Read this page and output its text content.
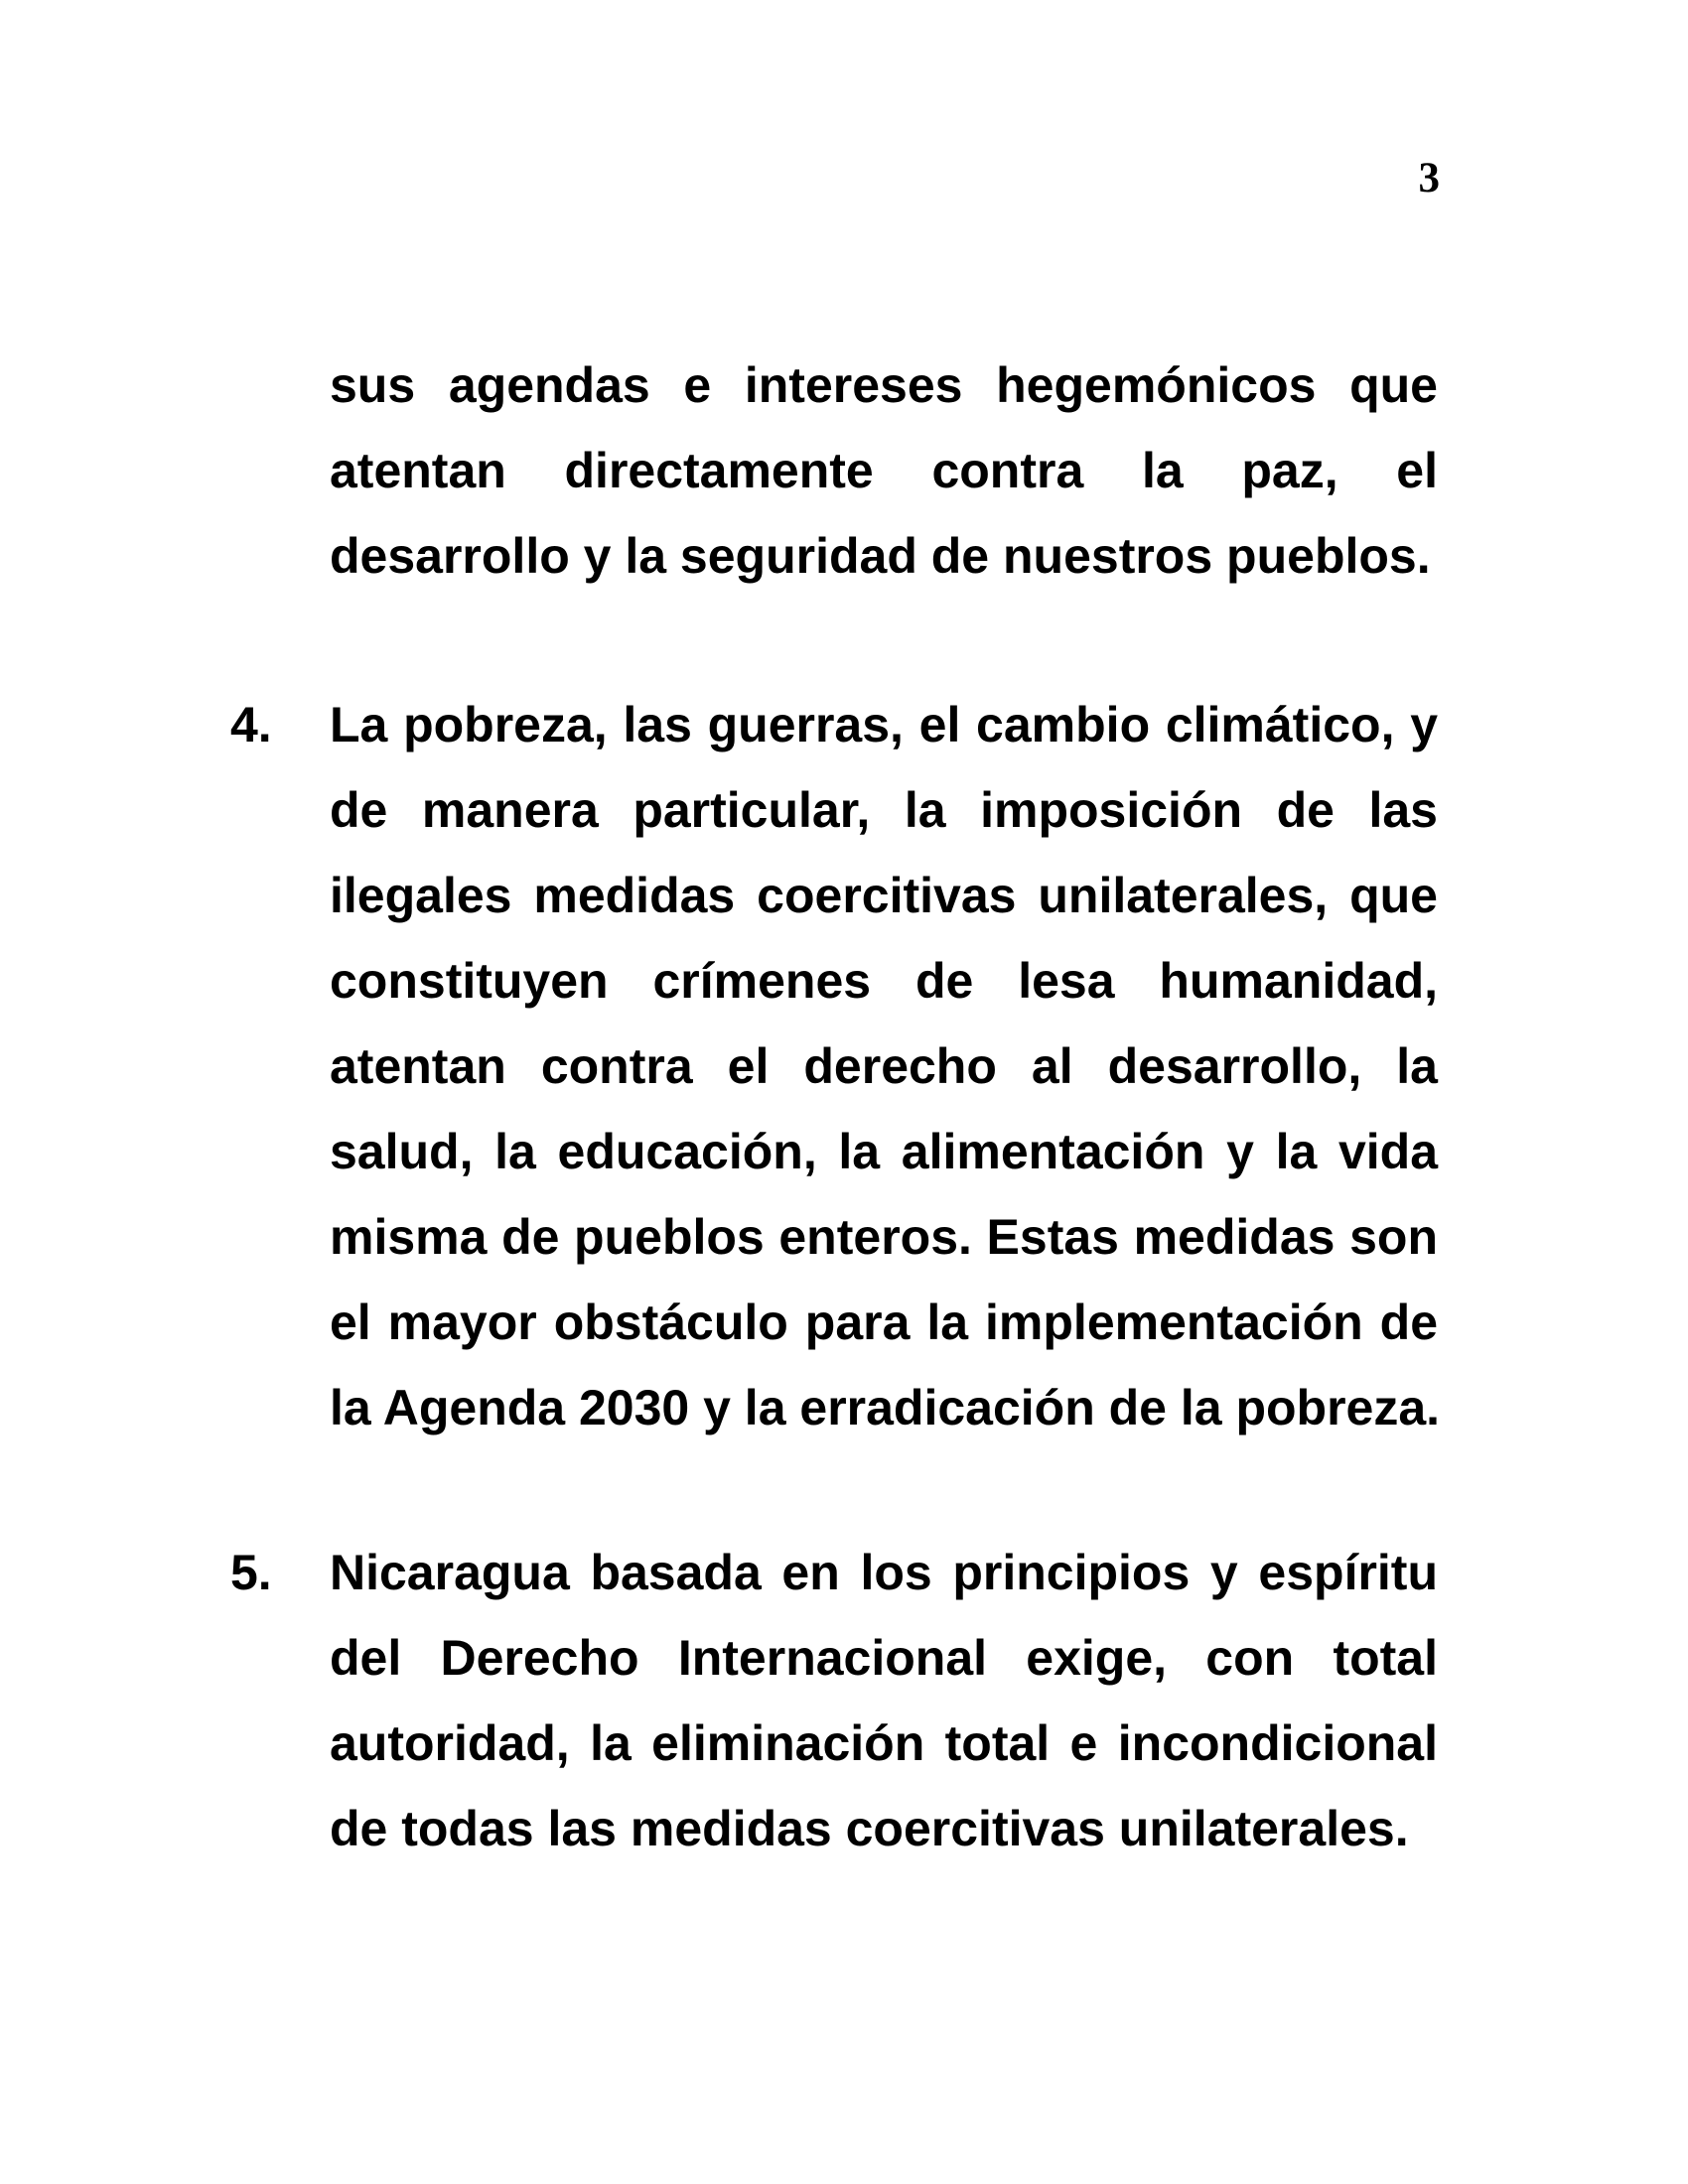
3
sus agendas e intereses hegemónicos que
atentan directamente contra la paz, el
desarrollo y la seguridad de nuestros pueblos.
4. La pobreza, las guerras, el cambio climático, y
de manera particular, la imposición de las
ilegales medidas coercitivas unilaterales, que
constituyen crímenes de lesa humanidad,
atentan contra el derecho al desarrollo, la
salud, la educación, la alimentación y la vida
misma de pueblos enteros. Estas medidas son
el mayor obstáculo para la implementación de
la Agenda 2030 y la erradicación de la pobreza.
5. Nicaragua basada en los principios y espíritu
del Derecho Internacional exige, con total
autoridad, la eliminación total e incondicional
de todas las medidas coercitivas unilaterales.
